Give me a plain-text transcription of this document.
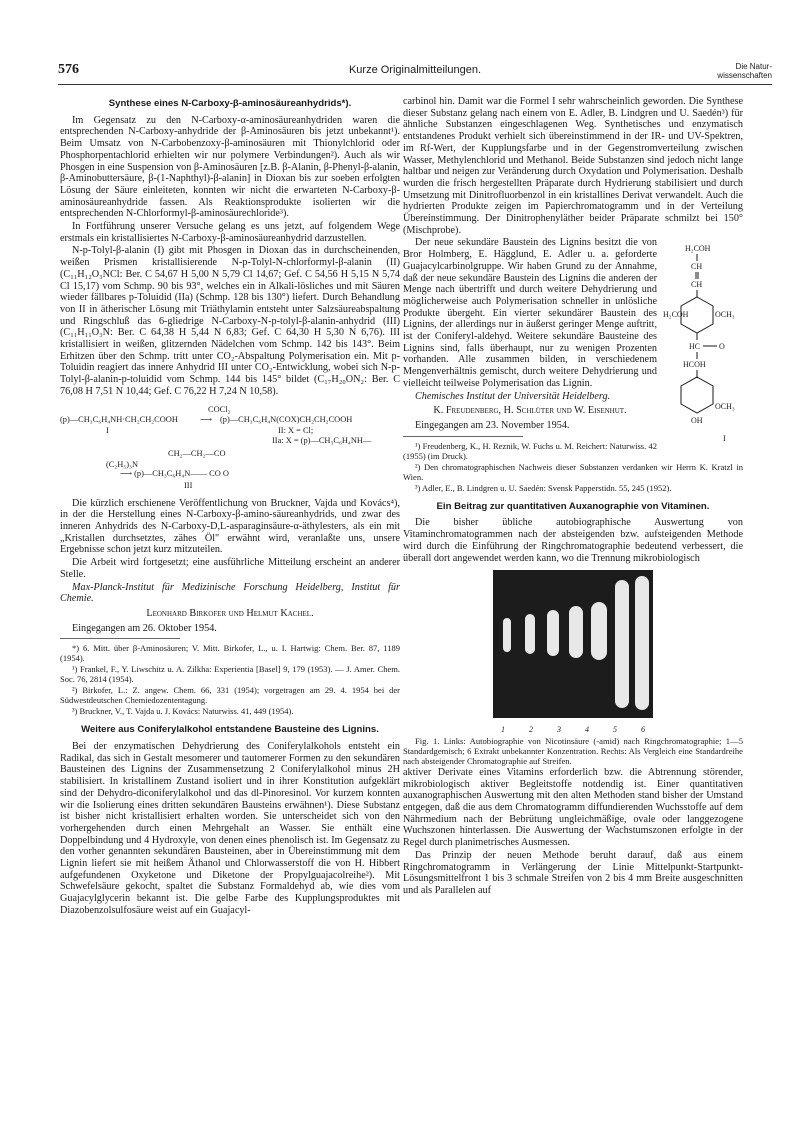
576	Kurze Originalmitteilungen.	Die Natur-
wissenschaften
Synthese eines N-Carboxy-β-aminosäureanhydrids*).

Im Gegensatz zu den N-Carboxy-α-aminosäureanhydriden waren die entsprechenden N-Carboxy-anhydride der β-Aminosäuren bis jetzt unbekannt¹). Beim Umsatz von N-Carbobenzoxy-β-aminosäuren mit Thionylchlorid oder Phosphorpentachlorid erhielten wir nur polymere Verbindungen²). Auch als wir Phosgen in eine Suspension von β-Aminosäuren [z.B. β-Alanin, β-Phenyl-β-alanin, β-Aminobuttersäure, β-(1-Naphthyl)-β-alanin] in Dioxan bis zur soeben erfolgten Lösung der Säure einleiteten, konnten wir nicht die erwarteten N-Carboxy-β-aminosäureanhydride fassen. Als Reaktionsprodukte isolierten wir die entsprechenden N-Chlorformyl-β-aminosäurechloride³).

In Fortführung unserer Versuche gelang es uns jetzt, auf folgendem Wege erstmals ein kristallisiertes N-Carboxy-β-aminosäureanhydrid darzustellen.

N-p-Tolyl-β-alanin (I) gibt mit Phosgen in Dioxan das in durchscheinenden, weißen Prismen kristallisierende N-p-Tolyl-N-chlorformyl-β-alanin (II) (C₁₁H₁₂O₃NCl: Ber. C 54,67 H 5,00 N 5,79 Cl 14,67; Gef. C 54,56 H 5,15 N 5,74 Cl 15,17) vom Schmp. 90 bis 93°, welches ein in Alkali-lösliches und mit Säuren wieder fällbares p-Toluidid (IIa) (Schmp. 128 bis 130°) liefert. Durch Behandlung von II in ätherischer Lösung mit Triäthylamin entsteht unter Salzsäureabspaltung und Ringschluß das 6-gliedrige N-Carboxy-N-p-tolyl-β-alanin-anhydrid (III) (C₁₁H₁₁O₃N: Ber. C 64,38 H 5,44 N 6,83; Gef. C 64,30 H 5,30 N 6,76). III kristallisiert in weißen, glitzernden Nädelchen vom Schmp. 142 bis 143°. Beim Erhitzen über den Schmp. tritt unter CO₂-Abspaltung Polymerisation ein. Mit p-Toluidin reagiert das innere Anhydrid III unter CO₂-Entwicklung, wobei sich N-p-Tolyl-β-alanin-p-toluidid vom Schmp. 144 bis 145° bildet (C₁₇H₂₀ON₂: Ber. C 76,08 H 7,51 N 10,44; Gef. C 76,22 H 7,24 N 10,58).

COCl₂
(p)—CH₃C₆H₄NH·CH₂CH₂COOH	⟶ (p)—CH₃C₆H₄N(COX)CH₂CH₂COOH
I	II: X = Cl;
IIa: X = (p)—CH₃C₆H₄NH—
CH₂—CH₂—CO
(C₂H₅)₃N
⟶ (p)—CH₃C₆H₄N—— CO O
III

Die kürzlich erschienene Veröffentlichung von Bruckner, Vajda und Kovács⁴), in der die Herstellung eines N-Carboxy-β-amino-säureanhydrids, und zwar des inneren Anhydrids des N-Carboxy-D,L-asparaginsäure-α-äthylesters, als ein mit „Kristallen durchsetztes, zähes Öl" erwähnt wird, veranlaßte uns, unsere Ergebnisse schon jetzt kurz mitzuteilen.

Die Arbeit wird fortgesetzt; eine ausführliche Mitteilung erscheint an anderer Stelle.

Max-Planck-Institut für Medizinische Forschung Heidelberg, Institut für Chemie.

Leonhard Birkofer und Helmut Kachel.

Eingegangen am 26. Oktober 1954.

*) 6. Mitt. über β-Aminosäuren; V. Mitt. Birkofer, L., u. I. Hartwig: Chem. Ber. 87, 1189 (1954).

¹) Frankel, F., Y. Liwschitz u. A. Zilkha: Experientia [Basel] 9, 179 (1953). — J. Amer. Chem. Soc. 76, 2814 (1954).

²) Birkofer, L.: Z. angew. Chem. 66, 331 (1954); vorgetragen am 29. 4. 1954 bei der Südwestdeutschen Chemiedozententagung.

³) Bruckner, V., T. Vajda u. J. Kovács: Naturwiss. 41, 449 (1954).

Weitere aus Coniferylalkohol entstandene Bausteine des Lignins.

Bei der enzymatischen Dehydrierung des Coniferylalkohols entsteht ein Radikal, das sich in Gestalt mesomerer und tautomerer Formen zu den sekundären Bausteinen des Lignins der Zusammensetzung 2 Coniferylalkohol minus 2H stabilisiert. In kristallinem Zustand isoliert und in ihrer Konstitution aufgeklärt sind der Dehydro-diconiferylalkohol und das dl-Pinoresinol. Vor kurzem konnten wir die Isolierung eines dritten sekundären Bausteins erwähnen¹). Diese Substanz ist bisher nicht kristallisiert erhalten worden. Sie unterscheidet sich von den vorhergehenden durch einen Mehrgehalt an Wasser. Sie enthält eine Doppelbindung und 4 Hydroxyle, von denen eines phenolisch ist. Im Gegensatz zu den vorher genannten sekundären Bausteinen, aber in Übereinstimmung mit dem Lignin liefert sie mit heißem Äthanol und Chlorwasserstoff die von H. Hibbert aufgefundenen Oxyketone und Diketone der Propylguajacolreihe²). Mit Schwefelsäure gekocht, spaltet die Substanz Formaldehyd ab, wie dies vom Guajacylglycerin bekannt ist. Die gelbe Farbe des Kupplungsproduktes mit Diazobenzolsulfosäure weist auf ein Guajacyl-

carbinol hin. Damit war die Formel I sehr wahrscheinlich geworden. Die Synthese dieser Substanz gelang nach einem von E. Adler, B. Lindgren und U. Saedén³) für ähnliche Substanzen eingeschlagenen Weg. Synthetisches und enzymatisch entstandenes Produkt verhielt sich übereinstimmend in der IR- und UV-Spektren, im Rf-Wert, der Kupplungsfarbe und in der Gegenstromverteilung zwischen Wasser, Methylenchlorid und Methanol. Beide Substanzen sind jedoch nicht lange haltbar und neigen zur Veränderung durch Oxydation und Polymerisation. Deshalb wurden die frisch hergestellten Präparate durch Hydrierung stabilisiert und durch Umsetzung mit Dinitrofluorbenzol in ein kristallines Derivat verwandelt. Auch die hydrierten Produkte zeigen im Papierchromatogramm und in der Verteilung Übereinstimmung. Der Dinitrophenyläther beider Präparate schmilzt bei 150° (Mischprobe).

H₂COH
CH
CH
H₂COH	OCH₃
HC O
HCOH
OCH₃
OH
I

Der neue sekundäre Baustein des Lignins besitzt die von Bror Holmberg, E. Hägglund, E. Adler u. a. geforderte Guajacylcarbinolgruppe. Wir haben Grund zu der Annahme, daß der neue sekundäre Baustein des Lignins die anderen der Menge nach übertrifft und durch weitere Dehydrierung und möglicherweise auch Polymerisation schneller in unlösliche Produkte übergeht. Ein vierter sekundärer Baustein des Lignins, der allerdings nur in äußerst geringer Menge auftritt, ist der Coniferyl-aldehyd. Weitere sekundäre Bausteine des Lignins sind, falls überhaupt, nur zu wenigen Prozenten vorhanden. Alle zusammen bilden, in verschiedenem Mengenverhältnis gemischt, durch weitere Dehydrierung und vielleicht teilweise Polymerisation das Lignin.

Chemisches Institut der Universität Heidelberg.

K. Freudenberg, H. Schlüter und W. Eisenhut.

Eingegangen am 23. November 1954.

¹) Freudenberg, K., H. Reznik, W. Fuchs u. M. Reichert: Naturwiss. 42 (1955) (im Druck).

²) Den chromatographischen Nachweis dieser Substanzen verdanken wir Herrn K. Kratzl in Wien.

³) Adler, E., B. Lindgren u. U. Saedén: Svensk Papperstidn. 55, 245 (1952).

Ein Beitrag zur quantitativen Auxanographie von Vitaminen.

Die bisher übliche autobiographische Auswertung von Vitaminchromatogrammen nach der absteigenden bzw. aufsteigenden Methode wird durch die Einführung der Ringchromatographie bedeutend verbessert, die überall dort angewendet werden kann, wo die Trennung mikrobiologisch

1	2	3	4	5	6

Fig. 1. Links: Autobiographie von Nicotinsäure (-amid) nach Ringchromatographie; 1—5 Standardgemisch; 6 Extrakt unbekannter Konzentration. Rechts: Als Vergleich eine Standardreihe nach absteigender Chromatographie auf Streifen.

aktiver Derivate eines Vitamins erforderlich bzw. die Abtrennung störender, mikrobiologisch aktiver Begleitstoffe notdendig ist. Einer quantitativen auxanographischen Auswertung mit den alten Methoden stand bisher der Umstand entgegen, daß die aus dem Chromatogramm diffundierenden Wuchsstoffe auf dem Nährmedium nach der Bebrütung ungleichmäßige, ovale oder langgezogene Wuchszonen hinterlassen. Die Auswertung der Wachstumszonen erfolgte in der Regel durch planimetrisches Ausmessen.

Das Prinzip der neuen Methode beruht darauf, daß aus einem Ringchromatogramm in Verlängerung der Linie Mittelpunkt-Startpunkt-Lösungsmittelfront 1 bis 3 schmale Streifen von 2 bis 4 mm Breite ausgeschnitten und als Parallelen auf
